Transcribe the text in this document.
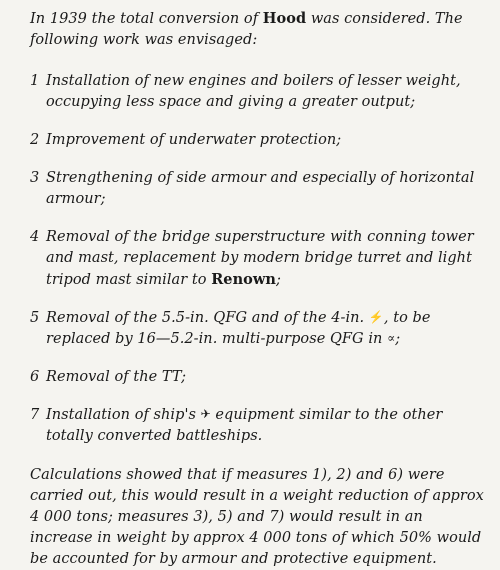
In 1939 the total conversion of Hood was considered. The following work was envisaged:

1 Installation of new engines and boilers of lesser weight, occupying less space and giving a greater output;
2 Improvement of underwater protection;
3 Strengthening of side armour and especially of horizontal armour;
4 Removal of the bridge superstructure with conning tower and mast, replacement by modern bridge turret and light tripod mast similar to Renown;
5 Removal of the 5.5-in. QFG and of the 4-in. ⚡, to be replaced by 16—5.2-in. multi-purpose QFG in ∝;
6 Removal of the TT;
7 Installation of ship's ✈ equipment similar to the other totally converted battleships.

Calculations showed that if measures 1), 2) and 6) were carried out, this would result in a weight reduction of approx 4 000 tons; measures 3), 5) and 7) would result in an increase in weight by approx 4 000 tons of which 50% would be accounted for by armour and protective equipment.
